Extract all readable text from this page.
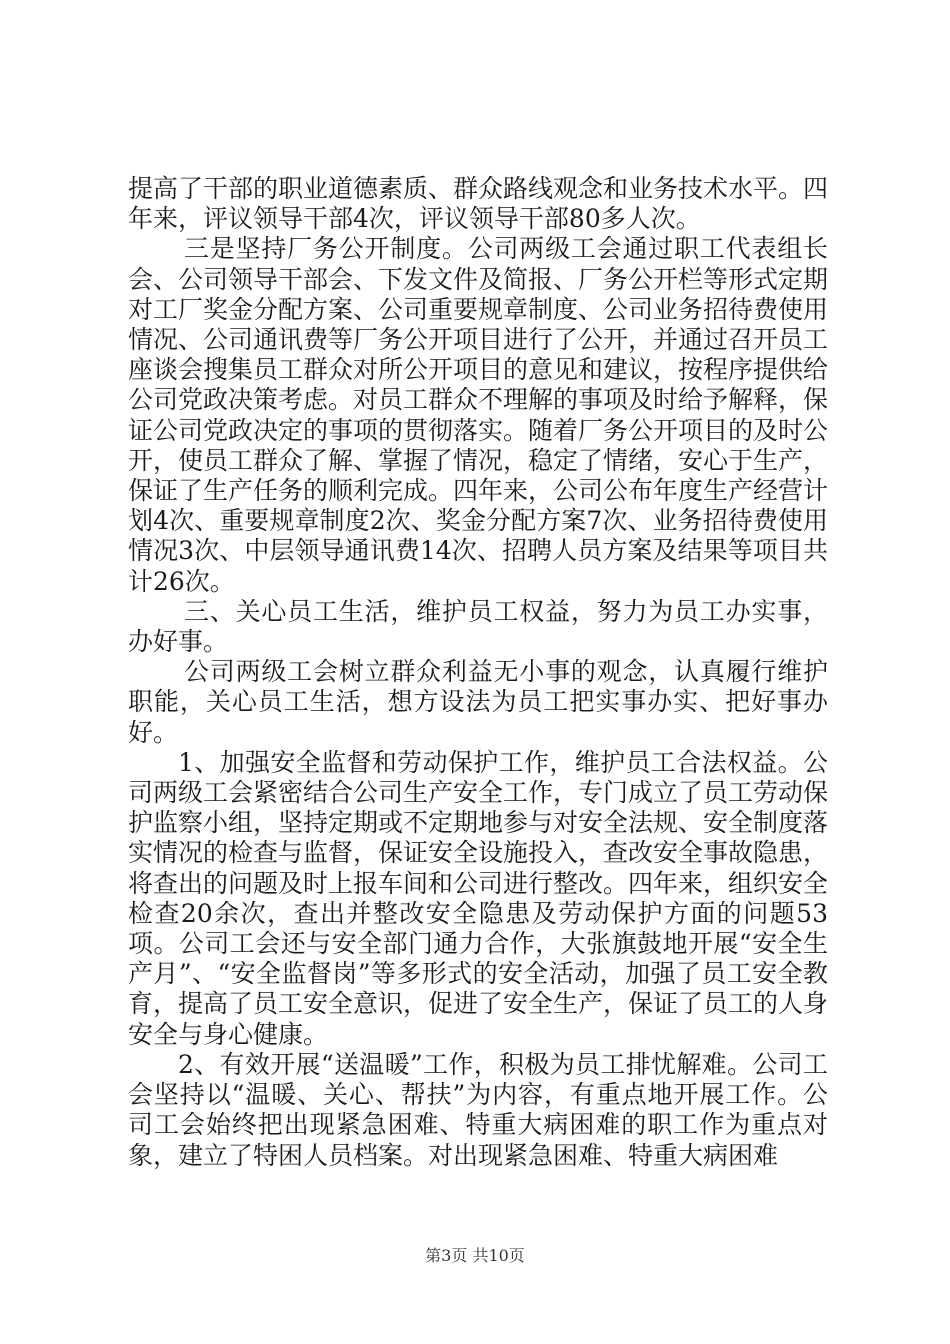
提高了干部的职业道德素质、群众路线观念和业务技术水平。四年来，评议领导干部4次，评议领导干部80多人次。

三是坚持厂务公开制度。公司两级工会通过职工代表组长会、公司领导干部会、下发文件及简报、厂务公开栏等形式定期对工厂奖金分配方案、公司重要规章制度、公司业务招待费使用情况、公司通讯费等厂务公开项目进行了公开，并通过召开员工座谈会搜集员工群众对所公开项目的意见和建议，按程序提供给公司党政决策考虑。对员工群众不理解的事项及时给予解释，保证公司党政决定的事项的贯彻落实。随着厂务公开项目的及时公开，使员工群众了解、掌握了情况，稳定了情绪，安心于生产，保证了生产任务的顺利完成。四年来，公司公布年度生产经营计划4次、重要规章制度2次、奖金分配方案7次、业务招待费使用情况3次、中层领导通讯费14次、招聘人员方案及结果等项目共计26次。

三、关心员工生活，维护员工权益，努力为员工办实事，办好事。

公司两级工会树立群众利益无小事的观念，认真履行维护职能，关心员工生活，想方设法为员工把实事办实、把好事办好。

1、加强安全监督和劳动保护工作，维护员工合法权益。公司两级工会紧密结合公司生产安全工作，专门成立了员工劳动保护监察小组，坚持定期或不定期地参与对安全法规、安全制度落实情况的检查与监督，保证安全设施投入，查改安全事故隐患，将查出的问题及时上报车间和公司进行整改。四年来，组织安全检查20余次，查出并整改安全隐患及劳动保护方面的问题53项。公司工会还与安全部门通力合作，大张旗鼓地开展“安全生产月”、“安全监督岗”等多形式的安全活动，加强了员工安全教育，提高了员工安全意识，促进了安全生产，保证了员工的人身安全与身心健康。

2、有效开展“送温暖”工作，积极为员工排忧解难。公司工会坚持以“温暖、关心、帮扶”为内容，有重点地开展工作。公司工会始终把出现紧急困难、特重大病困难的职工作为重点对象，建立了特困人员档案。对出现紧急困难、特重大病困难

第3页 共10页
